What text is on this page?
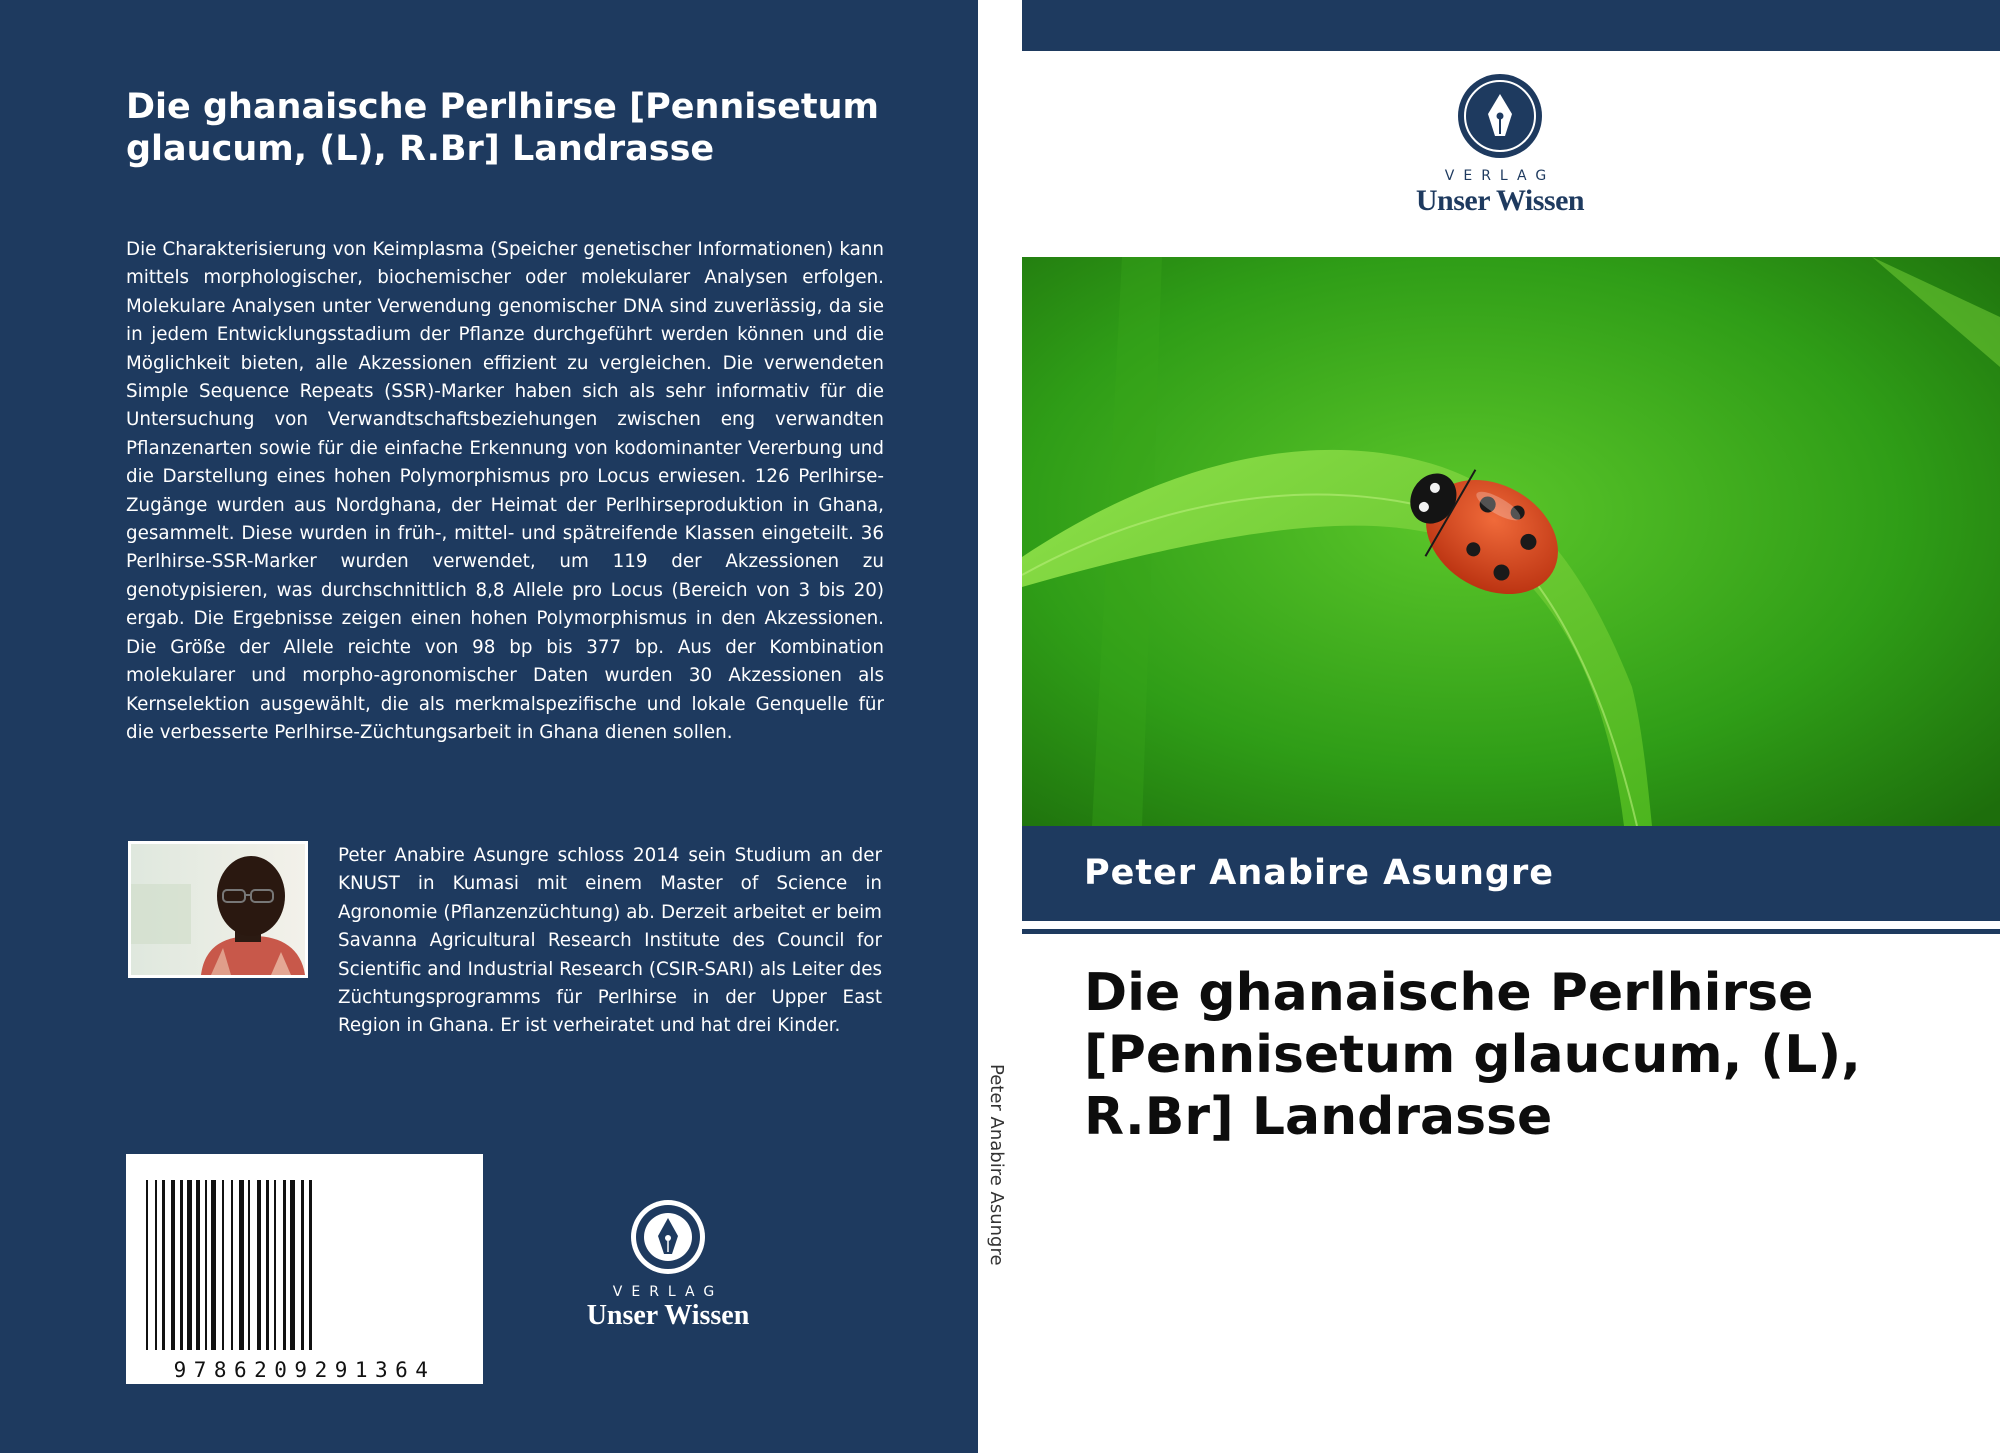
Die ghanaische Perlhirse [Pennisetum glaucum, (L), R.Br] Landrasse

Die Charakterisierung von Keimplasma (Speicher genetischer Informationen) kann mittels morphologischer, biochemischer oder molekularer Analysen erfolgen. Molekulare Analysen unter Verwendung genomischer DNA sind zuverlässig, da sie in jedem Entwicklungsstadium der Pflanze durchgeführt werden können und die Möglichkeit bieten, alle Akzessionen effizient zu vergleichen. Die verwendeten Simple Sequence Repeats (SSR)-Marker haben sich als sehr informativ für die Untersuchung von Verwandtschaftsbeziehungen zwischen eng verwandten Pflanzenarten sowie für die einfache Erkennung von kodominanter Vererbung und die Darstellung eines hohen Polymorphismus pro Locus erwiesen. 126 Perlhirse-Zugänge wurden aus Nordghana, der Heimat der Perlhirseproduktion in Ghana, gesammelt. Diese wurden in früh-, mittel- und spätreifende Klassen eingeteilt. 36 Perlhirse-SSR-Marker wurden verwendet, um 119 der Akzessionen zu genotypisieren, was durchschnittlich 8,8 Allele pro Locus (Bereich von 3 bis 20) ergab. Die Ergebnisse zeigen einen hohen Polymorphismus in den Akzessionen. Die Größe der Allele reichte von 98 bp bis 377 bp. Aus der Kombination molekularer und morpho-agronomischer Daten wurden 30 Akzessionen als Kernselektion ausgewählt, die als merkmalspezifische und lokale Genquelle für die verbesserte Perlhirse-Züchtungsarbeit in Ghana dienen sollen.

Peter Anabire Asungre schloss 2014 sein Studium an der KNUST in Kumasi mit einem Master of Science in Agronomie (Pflanzenzüchtung) ab. Derzeit arbeitet er beim Savanna Agricultural Research Institute des Council for Scientific and Industrial Research (CSIR-SARI) als Leiter des Züchtungsprogramms für Perlhirse in der Upper East Region in Ghana. Er ist verheiratet und hat drei Kinder.

9786209291364
VERLAG
Unser Wissen
Peter Anabire Asungre
VERLAG
Unser Wissen
Peter Anabire Asungre
Die ghanaische Perlhirse [Pennisetum glaucum, (L), R.Br] Landrasse
